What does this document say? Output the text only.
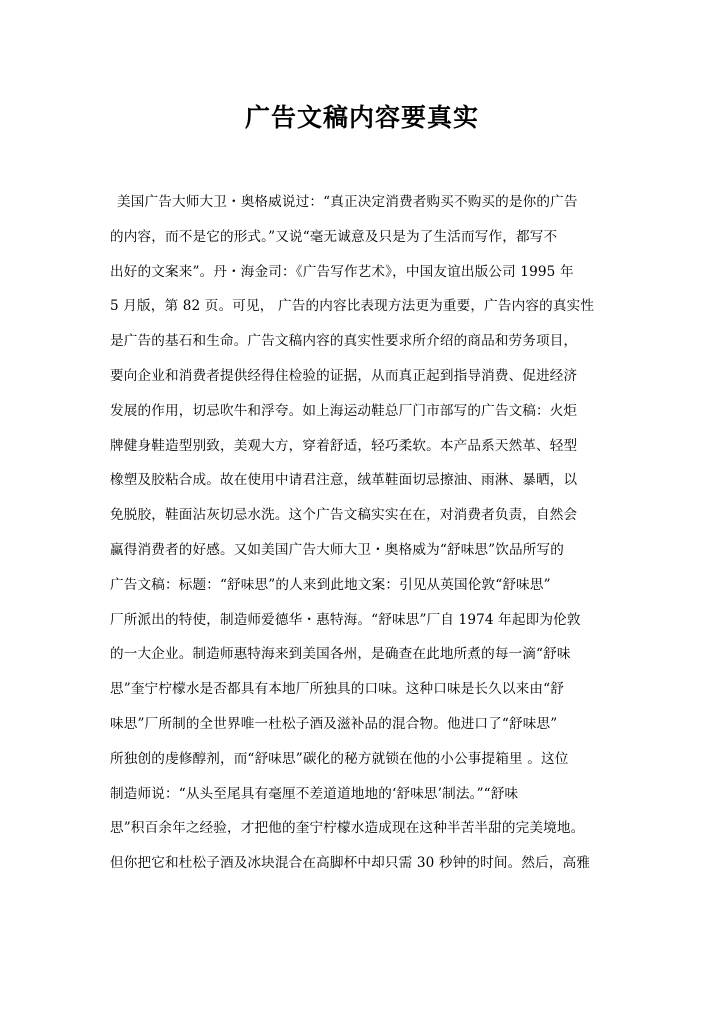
广告文稿内容要真实
美国广告大师大卫・奥格威说过：“真正决定消费者购买不购买的是你的广告
的内容，而不是它的形式。”又说“毫无诚意及只是为了生活而写作，都写不
出好的文案来”。丹・海金司：《广告写作艺术》，中国友谊出版公司 1995 年
5 月版，第 82 页。可见， 广告的内容比表现方法更为重要，广告内容的真实性
是广告的基石和生命。广告文稿内容的真实性要求所介绍的商品和劳务项目，
要向企业和消费者提供经得住检验的证据，从而真正起到指导消费、促进经济
发展的作用，切忌吹牛和浮夸。如上海运动鞋总厂门市部写的广告文稿：火炬
牌健身鞋造型别致，美观大方，穿着舒适，轻巧柔软。本产品系天然革、轻型
橡塑及胶粘合成。故在使用中请君注意，绒革鞋面切忌擦油、雨淋、暴晒，以
免脱胶，鞋面沾灰切忌水洗。这个广告文稿实实在在，对消费者负责，自然会
赢得消费者的好感。又如美国广告大师大卫・奥格威为“舒味思”饮品所写的
广告文稿：标题：“舒味思”的人来到此地文案：引见从英国伦敦“舒味思”
厂所派出的特使，制造师爱德华・惠特海。“舒味思”厂自 1974 年起即为伦敦
的一大企业。制造师惠特海来到美国各州，是确查在此地所煮的每一滴“舒味
思”奎宁柠檬水是否都具有本地厂所独具的口味。这种口味是长久以来由“舒
味思”厂所制的全世界唯一杜松子酒及滋补品的混合物。他进口了“舒味思”
所独创的虔修醇剂，而“舒味思”碳化的秘方就锁在他的小公事提箱里 。这位
制造师说：“从头至尾具有毫厘不差道道地地的‘舒味思’制法。”“舒味
思”积百余年之经验，才把他的奎宁柠檬水造成现在这种半苦半甜的完美境地。
但你把它和杜松子酒及冰块混合在高脚杯中却只需 30 秒钟的时间。然后，高雅
